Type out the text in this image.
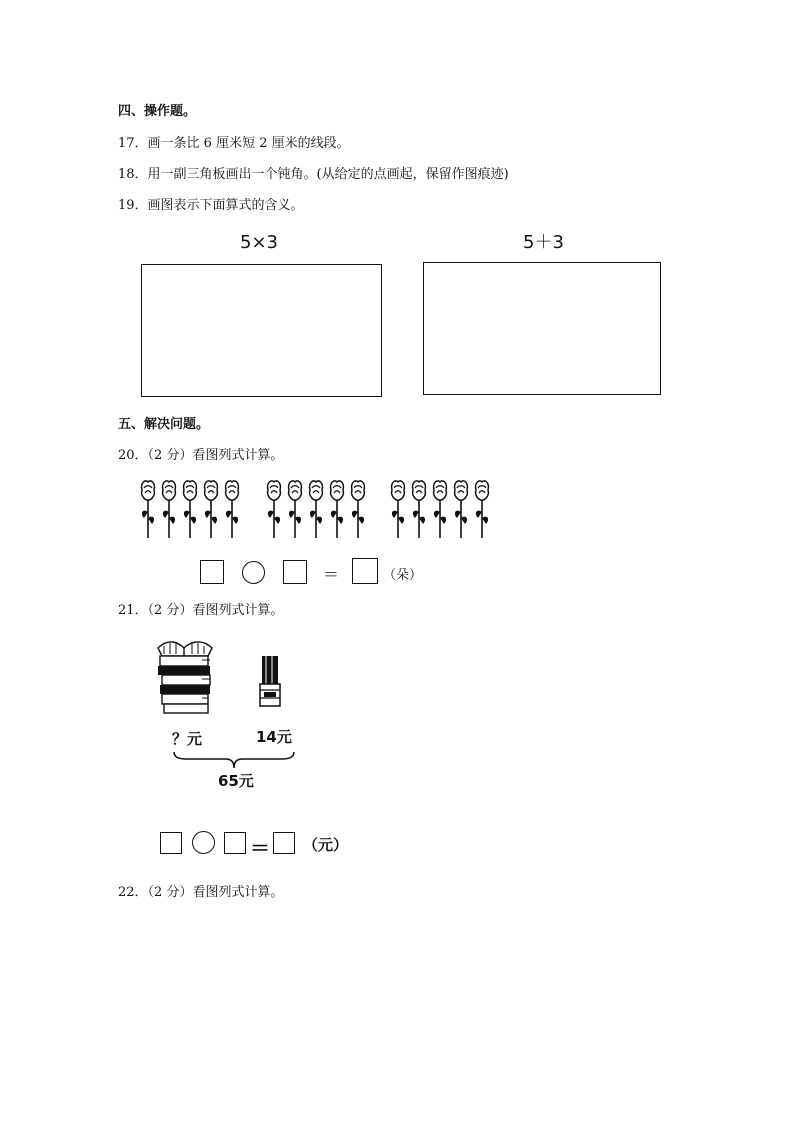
四、操作题。
17．画一条比 6 厘米短 2 厘米的线段。
18．用一副三角板画出一个钝角。(从给定的点画起，保留作图痕迹)
19．画图表示下面算式的含义。
5×3	5＋3
五、解决问题。
20．（2 分）看图列式计算。
＝	（朵）
21．（2 分）看图列式计算。
？元	14元
65元
＝ （元）
22．（2 分）看图列式计算。
